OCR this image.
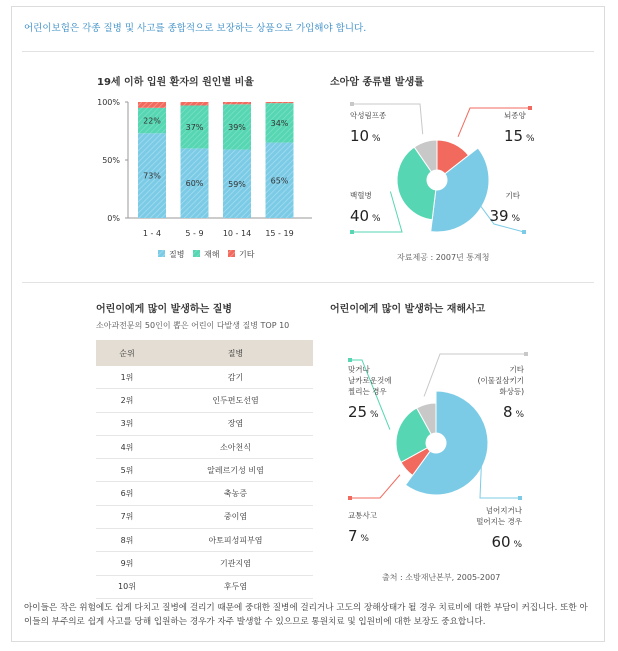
어린이보험은 각종 질병 및 사고를 종합적으로 보장하는 상품으로 가입해야 합니다.
19세 이하 입원 환자의 원인별 비율	소아암 종류별 발생률
어린이에게 많이 발생하는 질병
소아과전문의 50인이 뽑은 어린이 다발생 질병 TOP 10
어린이에게 많이 발생하는 재해사고
0%
50%
100%
73%
22%
1 - 4
60%
37%
5 - 9
59%
39%
10 - 14
65%
34%
15 - 19
질병 재해 기타
뇌종양
15 %
기타
39 %
백혈병
40 %
악성림프종
10 %
자료제공 : 2007년 통계청
넘어지거나
떨어지는 경우
60 %
교통사고
7 %
맞거나
날카로운것에
찔리는 경우
25 %
기타
(이물질삼키기
화상등)
8 %
출처 : 소방재난본부, 2005-2007
순위	질병
1위	감기
2위	인두편도선염
3위	장염
4위	소아천식
5위	알레르기성 비염
6위	축농증
7위	중이염
8위	아토피성피부염
9위	기관지염
10위	후두염
아이들은 작은 위험에도 쉽게 다치고 질병에 걸리기 때문에 중대한 질병에 걸리거나 고도의 장해상태가 될 경우 치료비에 대한 부담이 커집니다. 또한 아이들의 부주의로 쉽게 사고를 당해 입원하는 경우가 자주 발생할 수 있으므로 통원치료 및 입원비에 대한 보장도 중요합니다.
